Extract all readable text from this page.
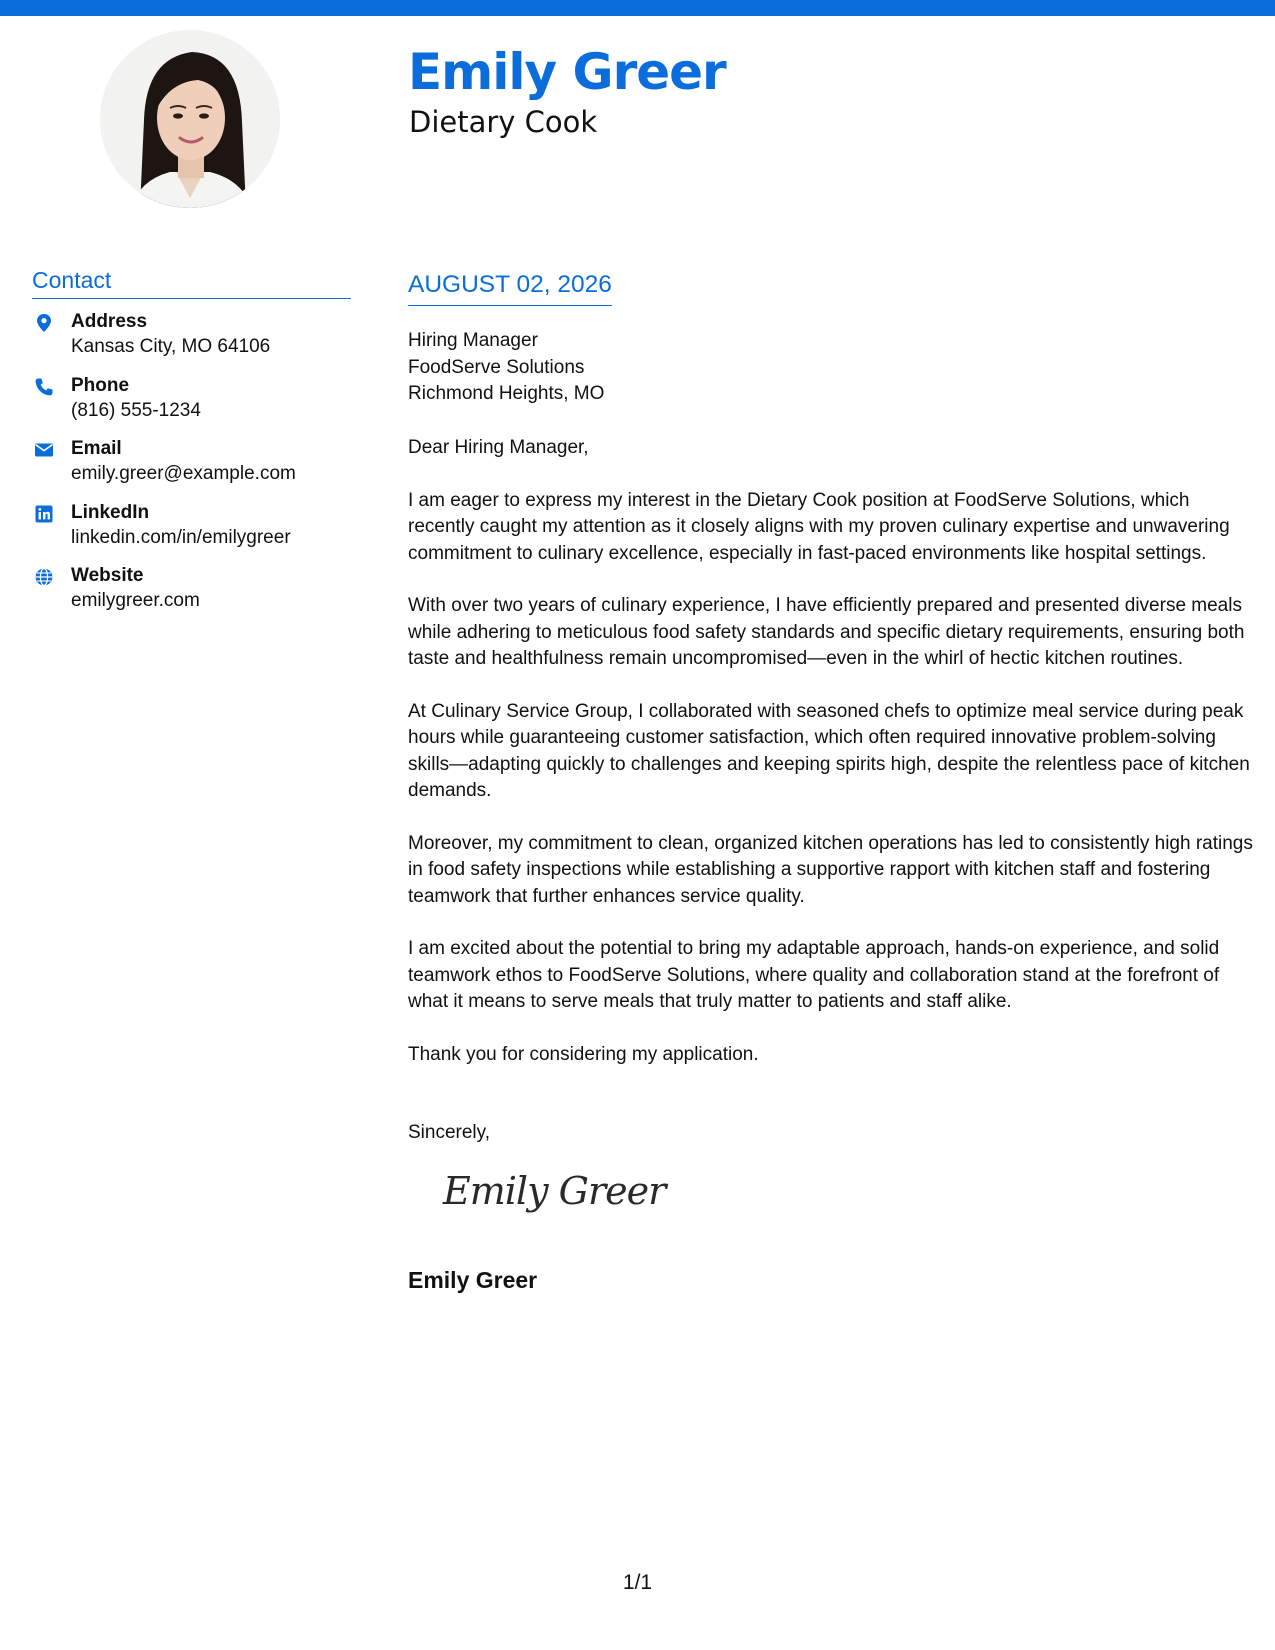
Emily Greer
Dietary Cook
Contact
Address
Kansas City, MO 64106
Phone
(816) 555-1234
Email
emily.greer@example.com
LinkedIn
linkedin.com/in/emilygreer
Website
emilygreer.com
AUGUST 02, 2026
Hiring Manager
FoodServe Solutions
Richmond Heights, MO

Dear Hiring Manager,

I am eager to express my interest in the Dietary Cook position at FoodServe Solutions, which recently caught my attention as it closely aligns with my proven culinary expertise and unwavering commitment to culinary excellence, especially in fast-paced environments like hospital settings.

With over two years of culinary experience, I have efficiently prepared and presented diverse meals while adhering to meticulous food safety standards and specific dietary requirements, ensuring both taste and healthfulness remain uncompromised—even in the whirl of hectic kitchen routines.

At Culinary Service Group, I collaborated with seasoned chefs to optimize meal service during peak hours while guaranteeing customer satisfaction, which often required innovative problem-solving skills—adapting quickly to challenges and keeping spirits high, despite the relentless pace of kitchen demands.

Moreover, my commitment to clean, organized kitchen operations has led to consistently high ratings in food safety inspections while establishing a supportive rapport with kitchen staff and fostering teamwork that further enhances service quality.

I am excited about the potential to bring my adaptable approach, hands-on experience, and solid teamwork ethos to FoodServe Solutions, where quality and collaboration stand at the forefront of what it means to serve meals that truly matter to patients and staff alike.

Thank you for considering my application.

Sincerely,
Emily Greer
Emily Greer
1/1
